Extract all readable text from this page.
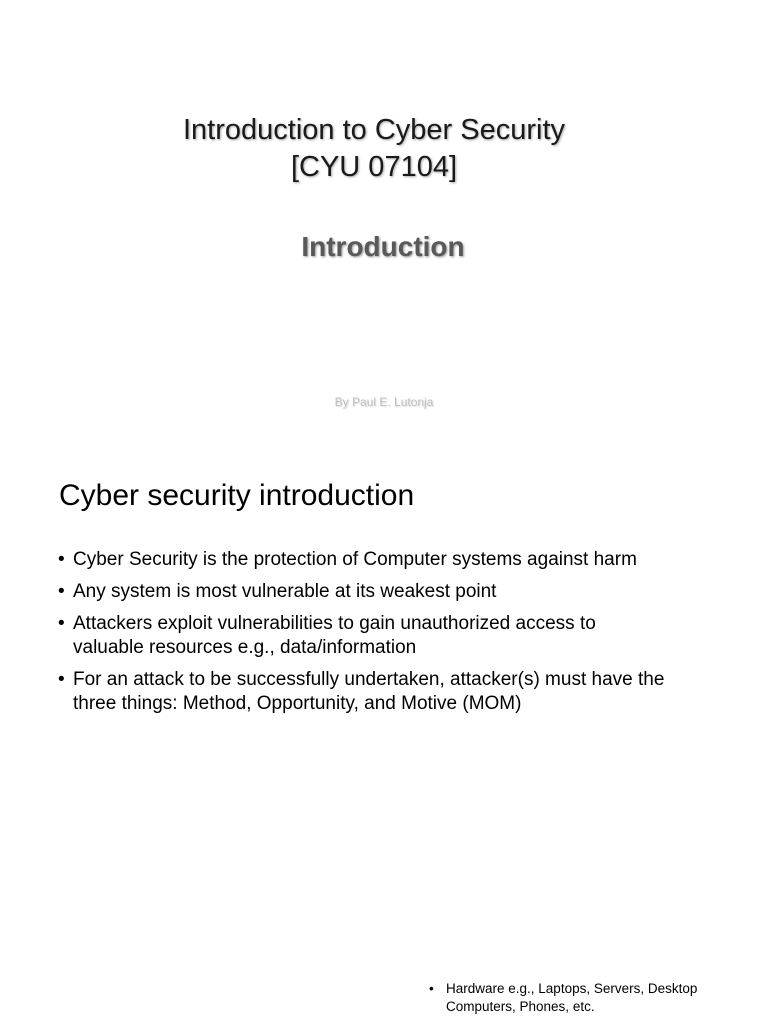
Introduction to Cyber Security
[CYU 07104]
Introduction
By Paul E. Lutonja
Cyber security introduction
• Cyber Security is the protection of Computer systems against harm
• Any system is most vulnerable at its weakest point
• Attackers exploit vulnerabilities to gain unauthorized access to
valuable resources e.g., data/information
• For an attack to be successfully undertaken, attacker(s) must have the
three things: Method, Opportunity, and Motive (MOM)
• Hardware e.g., Laptops, Servers, Desktop
Computers, Phones, etc.
